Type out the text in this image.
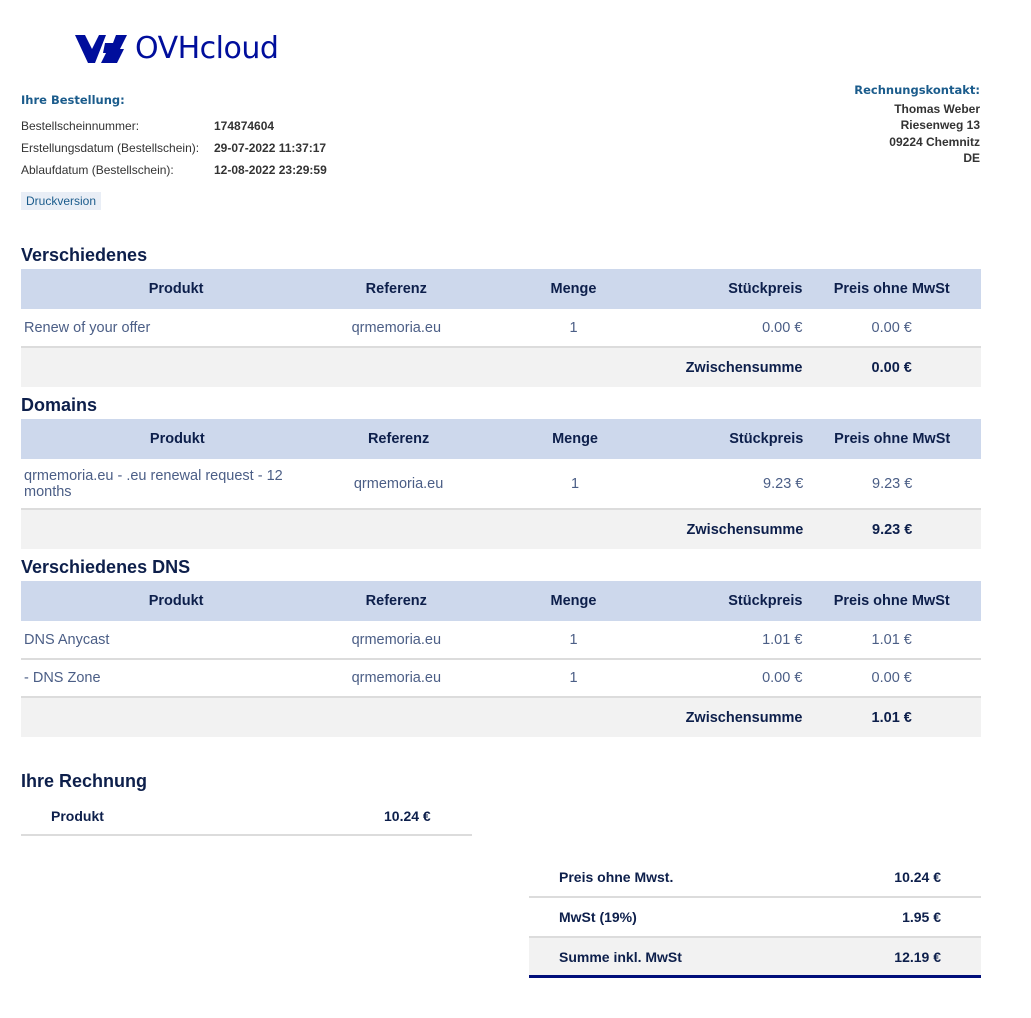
OVHcloud
Ihre Bestellung:
Bestellscheinnummer:	174874604
Erstellungsdatum (Bestellschein):	29-07-2022 11:37:17
Ablaufdatum (Bestellschein):	12-08-2022 23:29:59
Druckversion
Rechnungskontakt:
Thomas Weber
Riesenweg 13
09224 Chemnitz
DE
Verschiedenes
Produkt	Referenz	Menge	Stückpreis	Preis ohne MwSt
Renew of your offer	qrmemoria.eu	1	0.00 €	0.00 €
			Zwischensumme	0.00 €
Domains
Produkt	Referenz	Menge	Stückpreis	Preis ohne MwSt
qrmemoria.eu - .eu renewal request - 12 months	qrmemoria.eu	1	9.23 €	9.23 €
			Zwischensumme	9.23 €
Verschiedenes DNS
Produkt	Referenz	Menge	Stückpreis	Preis ohne MwSt
DNS Anycast	qrmemoria.eu	1	1.01 €	1.01 €
- DNS Zone	qrmemoria.eu	1	0.00 €	0.00 €
			Zwischensumme	1.01 €
Ihre Rechnung
Produkt	10.24 €
Preis ohne Mwst.	10.24 €
MwSt (19%)	1.95 €
Summe inkl. MwSt	12.19 €
